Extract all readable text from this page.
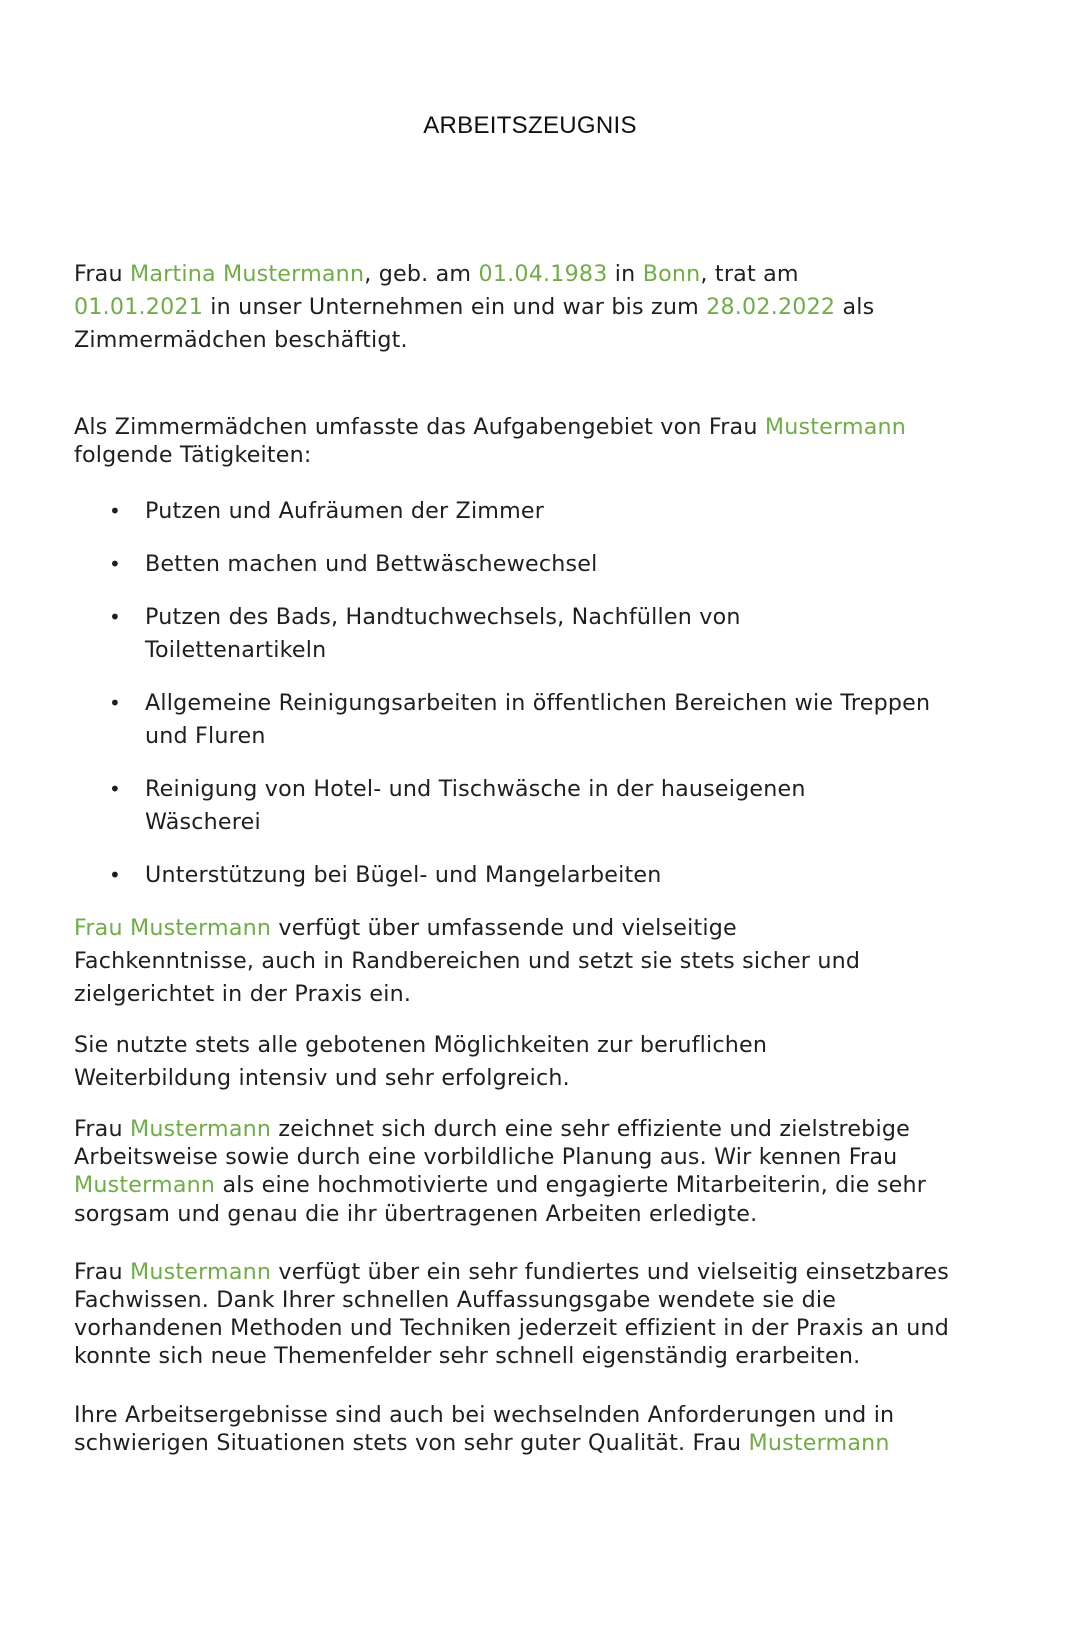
ARBEITSZEUGNIS

Frau Martina Mustermann, geb. am 01.04.1983 in Bonn, trat am
01.01.2021 in unser Unternehmen ein und war bis zum 28.02.2022 als Zimmermädchen beschäftigt.

Als Zimmermädchen umfasste das Aufgabengebiet von Frau Mustermann folgende Tätigkeiten:

• Putzen und Aufräumen der Zimmer
• Betten machen und Bettwäschewechsel
• Putzen des Bads, Handtuchwechsels, Nachfüllen von Toilettenartikeln
• Allgemeine Reinigungsarbeiten in öffentlichen Bereichen wie Treppen und Fluren
• Reinigung von Hotel- und Tischwäsche in der hauseigenen Wäscherei
• Unterstützung bei Bügel- und Mangelarbeiten

Frau Mustermann verfügt über umfassende und vielseitige Fachkenntnisse, auch in Randbereichen und setzt sie stets sicher und zielgerichtet in der Praxis ein.

Sie nutzte stets alle gebotenen Möglichkeiten zur beruflichen Weiterbildung intensiv und sehr erfolgreich.

Frau Mustermann zeichnet sich durch eine sehr effiziente und zielstrebige Arbeitsweise sowie durch eine vorbildliche Planung aus. Wir kennen Frau Mustermann als eine hochmotivierte und engagierte Mitarbeiterin, die sehr sorgsam und genau die ihr übertragenen Arbeiten erledigte.

Frau Mustermann verfügt über ein sehr fundiertes und vielseitig einsetzbares Fachwissen. Dank Ihrer schnellen Auffassungsgabe wendete sie die vorhandenen Methoden und Techniken jederzeit effizient in der Praxis an und konnte sich neue Themenfelder sehr schnell eigenständig erarbeiten.

Ihre Arbeitsergebnisse sind auch bei wechselnden Anforderungen und in schwierigen Situationen stets von sehr guter Qualität. Frau Mustermann
